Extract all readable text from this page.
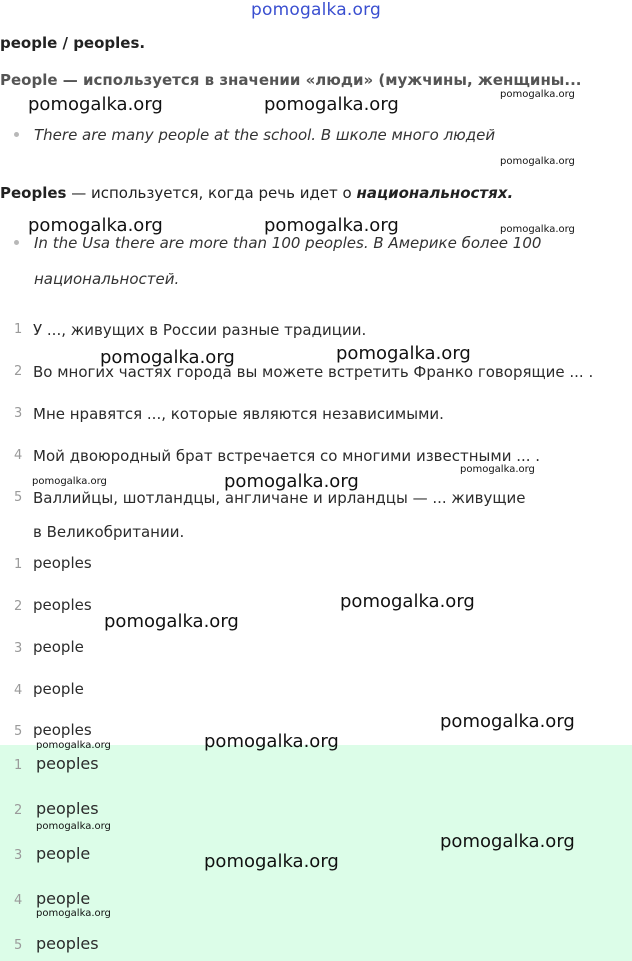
pomogalka.org
people / peoples.
People — используется в значении «люди» (мужчины, женщины...
There are many people at the school. В школе много людей
Peoples — используется, когда речь идет о национальностях.
In the Usa there are more than 100 peoples. В Америке более 100 национальностей.
1 У ..., живущих в России разные традиции.
2 Во многих частях города вы можете встретить Франко говорящие ... .
3 Мне нравятся ..., которые являются независимыми.
4 Мой двоюродный брат встречается со многими известными ... .
5 Валлийцы, шотландцы, англичане и ирландцы — ... живущие в Великобритании.
1 peoples
2 peoples
3 people
4 people
5 peoples
1 peoples
2 peoples
3 people
4 people
5 peoples
pomogalka.org
pomogalka.org	pomogalka.org
pomogalka.org
pomogalka.org	pomogalka.org	pomogalka.org
pomogalka.org
pomogalka.org
pomogalka.org
pomogalka.org	pomogalka.org
pomogalka.org
pomogalka.org
pomogalka.org
pomogalka.org
pomogalka.org
pomogalka.org
pomogalka.org
pomogalka.org
pomogalka.org
